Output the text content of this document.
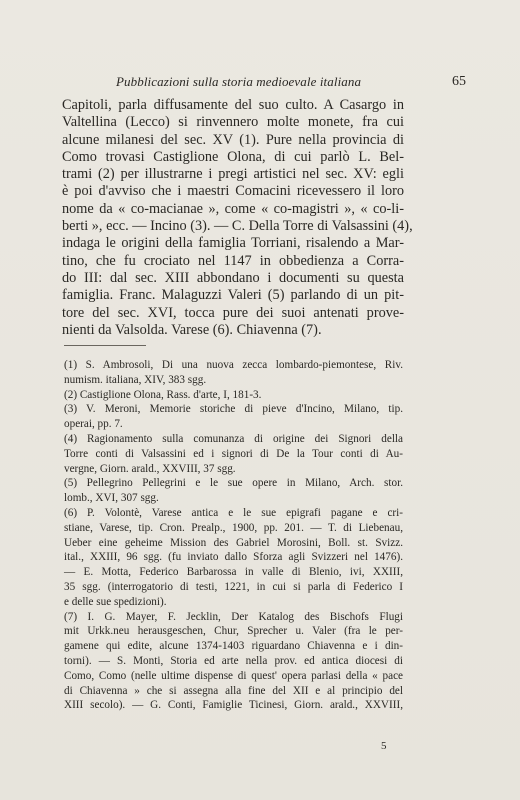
Pubblicazioni sulla storia medioevale italiana	65
Capitoli, parla diffusamente del suo culto. A Casargo in
Valtellina (Lecco) si rinvennero molte monete, fra cui
alcune milanesi del sec. XV (1). Pure nella provincia di
Como trovasi Castiglione Olona, di cui parlò L. Bel-
trami (2) per illustrarne i pregi artistici nel sec. XV: egli
è poi d'avviso che i maestri Comacini ricevessero il loro
nome da « co-macianae », come « co-magistri », « co-li-
berti », ecc. — Incino (3). — C. Della Torre di Valsassini (4),
indaga le origini della famiglia Torriani, risalendo a Mar-
tino, che fu crociato nel 1147 in obbedienza a Corra-
do III: dal sec. XIII abbondano i documenti su questa
famiglia. Franc. Malaguzzi Valeri (5) parlando di un pit-
tore del sec. XVI, tocca pure dei suoi antenati prove-
nienti da Valsolda. Varese (6). Chiavenna (7).
(1) S. Ambrosoli, Di una nuova zecca lombardo-piemontese, Riv.
numism. italiana, XIV, 383 sgg.
(2) Castiglione Olona, Rass. d'arte, I, 181-3.
(3) V. Meroni, Memorie storiche di pieve d'Incino, Milano, tip.
operai, pp. 7.
(4) Ragionamento sulla comunanza di origine dei Signori della
Torre conti di Valsassini ed i signori di De la Tour conti di Au-
vergne, Giorn. arald., XXVIII, 37 sgg.
(5) Pellegrino Pellegrini e le sue opere in Milano, Arch. stor.
lomb., XVI, 307 sgg.
(6) P. Volontè, Varese antica e le sue epigrafi pagane e cri-
stiane, Varese, tip. Cron. Prealp., 1900, pp. 201. — T. di Liebenau,
Ueber eine geheime Mission des Gabriel Morosini, Boll. st. Svizz.
ital., XXIII, 96 sgg. (fu inviato dallo Sforza agli Svizzeri nel 1476).
— E. Motta, Federico Barbarossa in valle di Blenio, ivi, XXIII,
35 sgg. (interrogatorio di testi, 1221, in cui si parla di Federico I
e delle sue spedizioni).
(7) I. G. Mayer, F. Jecklin, Der Katalog des Bischofs Flugi
mit Urkk.neu herausgeschen, Chur, Sprecher u. Valer (fra le per-
gamene qui edite, alcune 1374-1403 riguardano Chiavenna e i din-
torni). — S. Monti, Storia ed arte nella prov. ed antica diocesi di
Como, Como (nelle ultime dispense di quest' opera parlasi della « pace
di Chiavenna » che si assegna alla fine del XII e al principio del
XIII secolo). — G. Conti, Famiglie Ticinesi, Giorn. arald., XXVIII,
5
